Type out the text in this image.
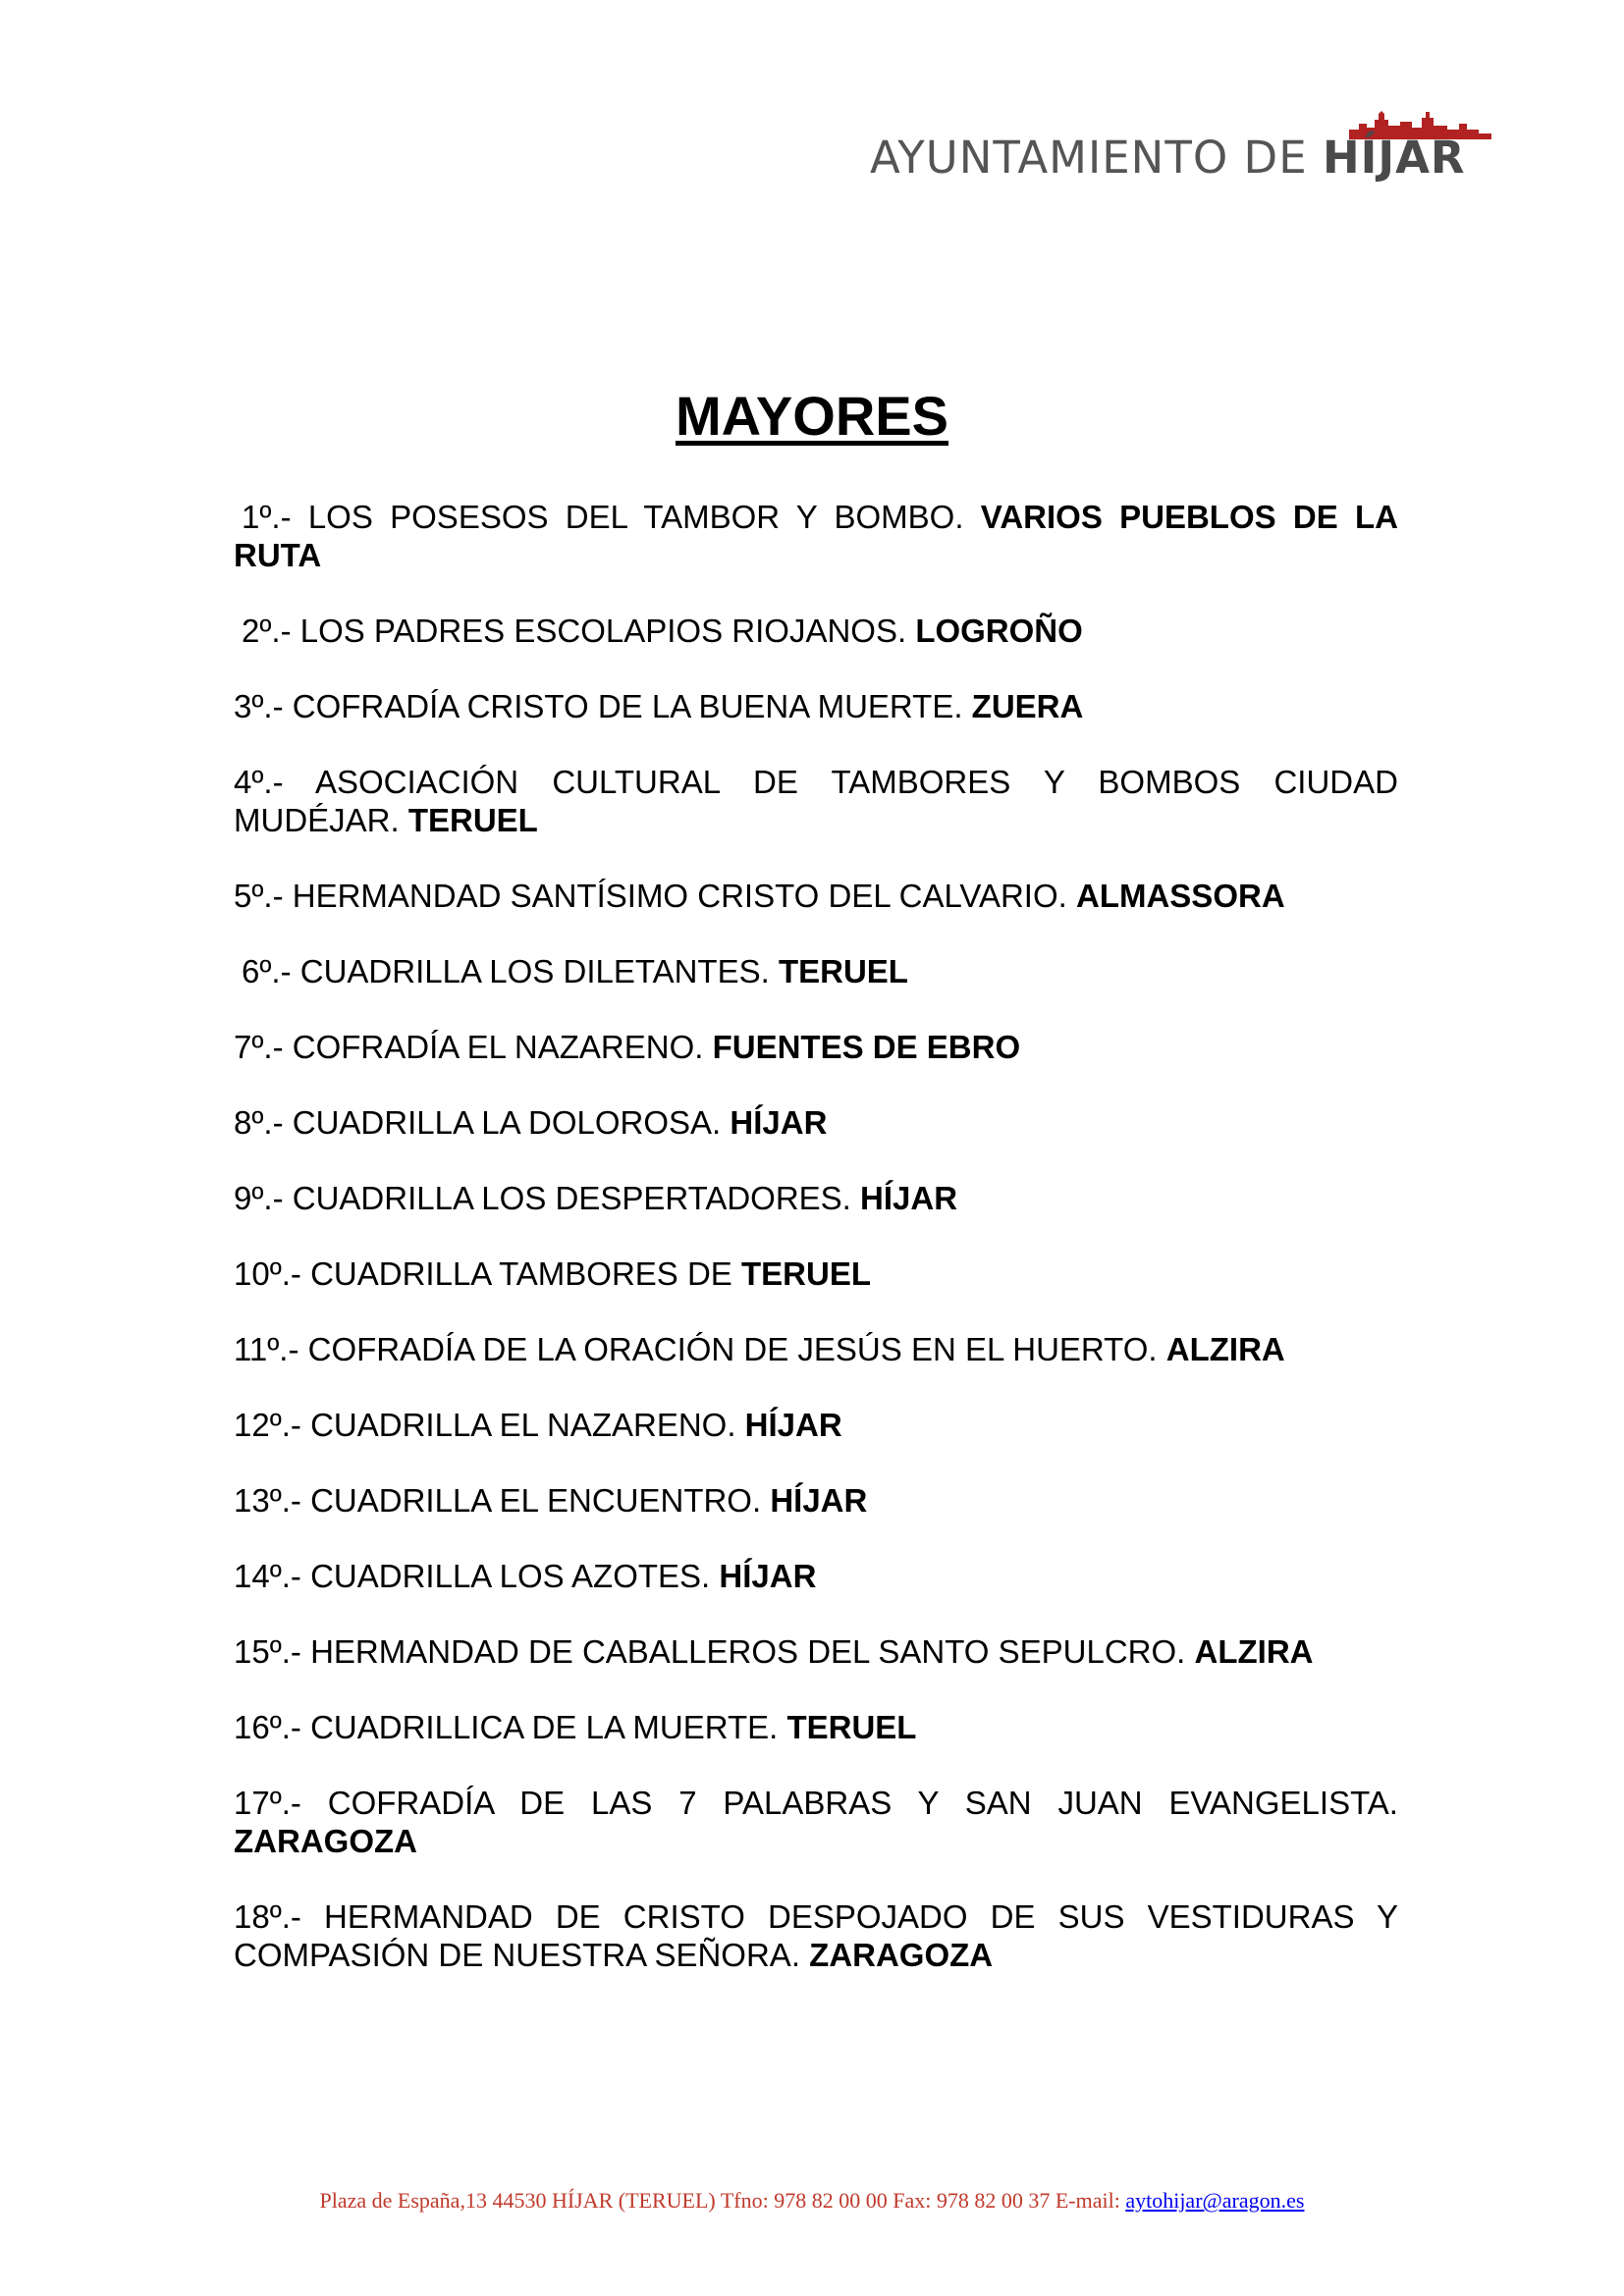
AYUNTAMIENTO DE HÍJAR
MAYORES

1º.- LOS POSESOS DEL TAMBOR Y BOMBO. VARIOS PUEBLOS DE LA RUTA

2º.- LOS PADRES ESCOLAPIOS RIOJANOS. LOGROÑO

3º.- COFRADÍA CRISTO DE LA BUENA MUERTE. ZUERA

4º.- ASOCIACIÓN CULTURAL DE TAMBORES Y BOMBOS CIUDAD MUDÉJAR. TERUEL

5º.- HERMANDAD SANTÍSIMO CRISTO DEL CALVARIO. ALMASSORA

6º.- CUADRILLA LOS DILETANTES. TERUEL

7º.- COFRADÍA EL NAZARENO. FUENTES DE EBRO

8º.- CUADRILLA LA DOLOROSA. HÍJAR

9º.- CUADRILLA LOS DESPERTADORES. HÍJAR

10º.- CUADRILLA TAMBORES DE TERUEL

11º.- COFRADÍA DE LA ORACIÓN DE JESÚS EN EL HUERTO. ALZIRA

12º.- CUADRILLA EL NAZARENO. HÍJAR

13º.- CUADRILLA EL ENCUENTRO. HÍJAR

14º.- CUADRILLA LOS AZOTES. HÍJAR

15º.- HERMANDAD DE CABALLEROS DEL SANTO SEPULCRO. ALZIRA

16º.- CUADRILLICA DE LA MUERTE. TERUEL

17º.- COFRADÍA DE LAS 7 PALABRAS Y SAN JUAN EVANGELISTA. ZARAGOZA

18º.- HERMANDAD DE CRISTO DESPOJADO DE SUS VESTIDURAS Y COMPASIÓN DE NUESTRA SEÑORA. ZARAGOZA

Plaza de España,13 44530 HÍJAR (TERUEL) Tfno: 978 82 00 00 Fax: 978 82 00 37 E-mail: aytohijar@aragon.es
